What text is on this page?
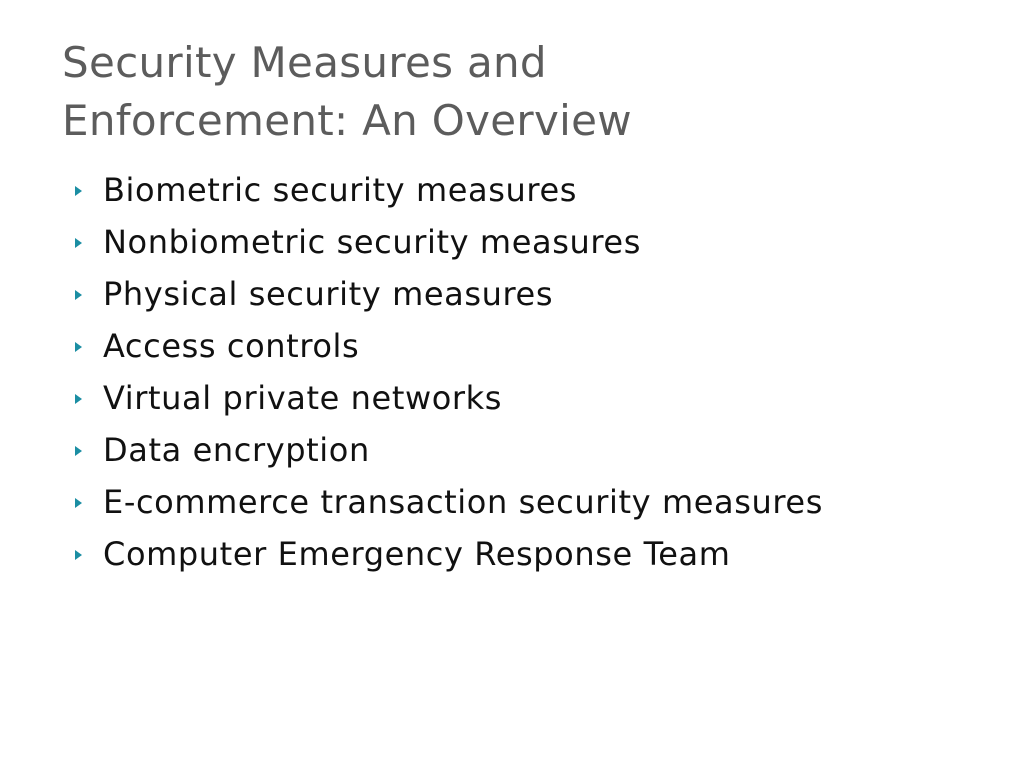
Security Measures and
Enforcement: An Overview
Biometric security measures
Nonbiometric security measures
Physical security measures
Access controls
Virtual private networks
Data encryption
E-commerce transaction security measures
Computer Emergency Response Team
